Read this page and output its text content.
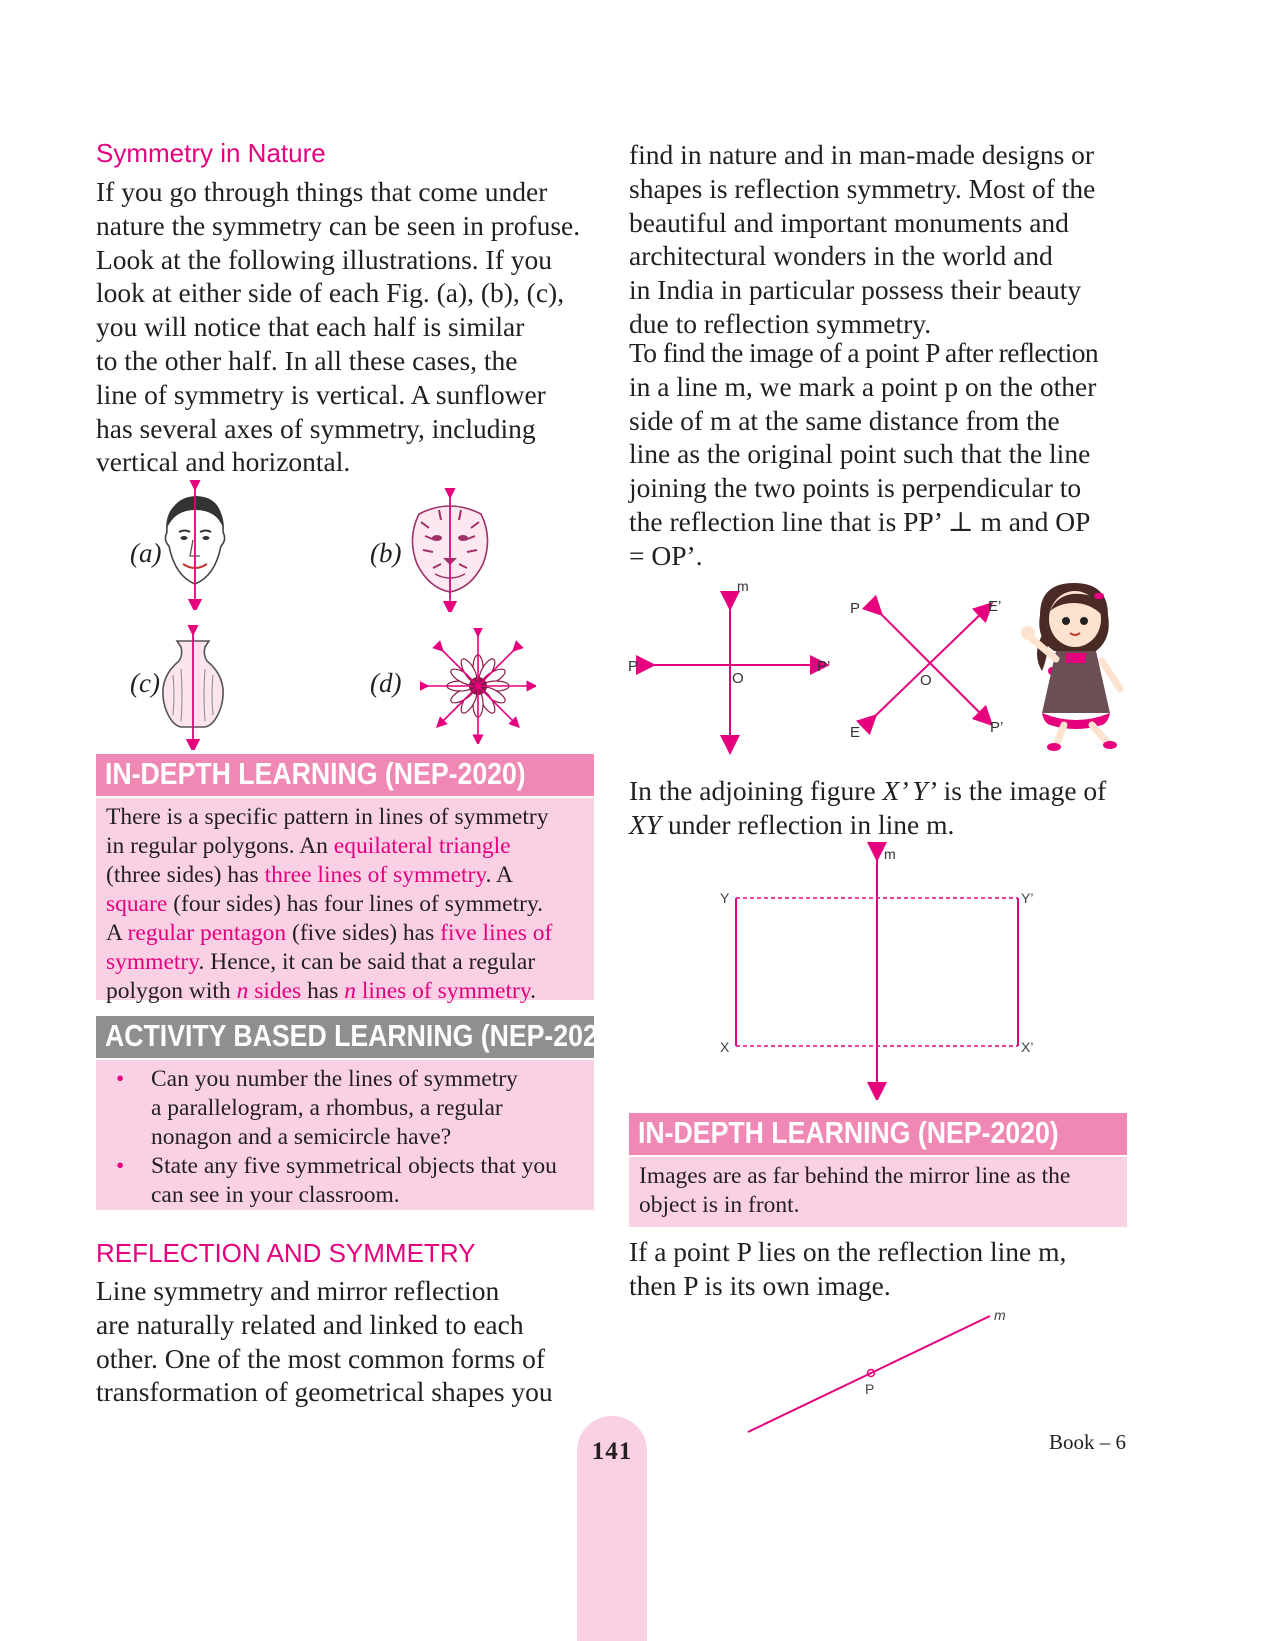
Symmetry in Nature
If you go through things that come under
nature the symmetry can be seen in profuse.
Look at the following illustrations. If you
look at either side of each Fig. (a), (b), (c),
you will notice that each half is similar
to the other half. In all these cases, the
line of symmetry is vertical. A sunflower
has several axes of symmetry, including
vertical and horizontal.
(a)	(b)
(c)	(d)
IN-DEPTH LEARNING (NEP-2020)
There is a specific pattern in lines of symmetry
in regular polygons. An equilateral triangle
(three sides) has three lines of symmetry. A
square (four sides) has four lines of symmetry.
A regular pentagon (five sides) has five lines of
symmetry. Hence, it can be said that a regular
polygon with n sides has n lines of symmetry.
ACTIVITY BASED LEARNING (NEP-2020)
• Can you number the lines of symmetry
a parallelogram, a rhombus, a regular
nonagon and a semicircle have?
• State any five symmetrical objects that you
can see in your classroom.
REFLECTION AND SYMMETRY
Line symmetry and mirror reflection
are naturally related and linked to each
other. One of the most common forms of
transformation of geometrical shapes you
find in nature and in man-made designs or
shapes is reflection symmetry. Most of the
beautiful and important monuments and
architectural wonders in the world and
in India in particular possess their beauty
due to reflection symmetry.
To find the image of a point P after reflection
in a line m, we mark a point p on the other
side of m at the same distance from the
line as the original point such that the line
joining the two points is perpendicular to
the reflection line that is PP’ ⊥ m and OP
= OP’.
m
P
O
P’
P	E’
O
E	P’
In the adjoining figure X’ Y’ is the image of
XY under reflection in line m.
m
Y	Y’
X	X’
IN-DEPTH LEARNING (NEP-2020)
Images are as far behind the mirror line as the
object is in front.
If a point P lies on the reflection line m,
then P is its own image.
m
P
141	Book – 6
